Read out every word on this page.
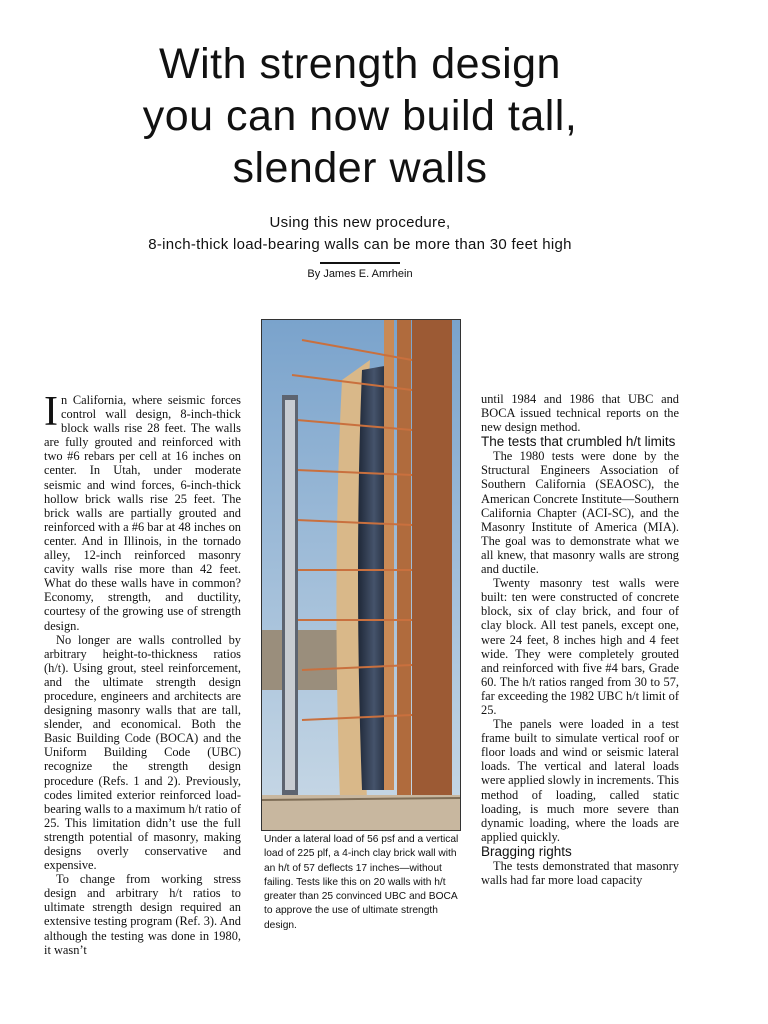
With strength design
you can now build tall,
slender walls
Using this new procedure,
8-inch-thick load-bearing walls can be more than 30 feet high
By James E. Amrhein

In California, where seismic forces control wall design, 8-inch-thick block walls rise 28 feet. The walls are fully grouted and reinforced with two #6 rebars per cell at 16 inches on center. In Utah, under moderate seismic and wind forces, 6-inch-thick hollow brick walls rise 25 feet. The brick walls are partially grouted and reinforced with a #6 bar at 48 inches on center. And in Illinois, in the tornado alley, 12-inch reinforced masonry cavity walls rise more than 42 feet. What do these walls have in common? Economy, strength, and ductility, courtesy of the growing use of strength design.

No longer are walls controlled by arbitrary height-to-thickness ratios (h/t). Using grout, steel reinforcement, and the ultimate strength design procedure, engineers and architects are designing masonry walls that are tall, slender, and economical. Both the Basic Building Code (BOCA) and the Uniform Building Code (UBC) recognize the strength design procedure (Refs. 1 and 2). Previously, codes limited exterior reinforced load-bearing walls to a maximum h/t ratio of 25. This limitation didn’t use the full strength potential of masonry, making designs overly conservative and expensive.

To change from working stress design and arbitrary h/t ratios to ultimate strength design required an extensive testing program (Ref. 3). And although the testing was done in 1980, it wasn’t

Under a lateral load of 56 psf and a vertical load of 225 plf, a 4-inch clay brick wall with an h/t of 57 deflects 17 inches—without failing. Tests like this on 20 walls with h/t greater than 25 convinced UBC and BOCA to approve the use of ultimate strength design.

until 1984 and 1986 that UBC and BOCA issued technical reports on the new design method.

The tests that crumbled h/t limits

The 1980 tests were done by the Structural Engineers Association of Southern California (SEAOSC), the American Concrete Institute—Southern California Chapter (ACI-SC), and the Masonry Institute of America (MIA). The goal was to demonstrate what we all knew, that masonry walls are strong and ductile.

Twenty masonry test walls were built: ten were constructed of concrete block, six of clay brick, and four of clay block. All test panels, except one, were 24 feet, 8 inches high and 4 feet wide. They were completely grouted and reinforced with five #4 bars, Grade 60. The h/t ratios ranged from 30 to 57, far exceeding the 1982 UBC h/t limit of 25.

The panels were loaded in a test frame built to simulate vertical roof or floor loads and wind or seismic lateral loads. The vertical and lateral loads were applied slowly in increments. This method of loading, called static loading, is much more severe than dynamic loading, where the loads are applied quickly.

Bragging rights

The tests demonstrated that masonry walls had far more load capacity
